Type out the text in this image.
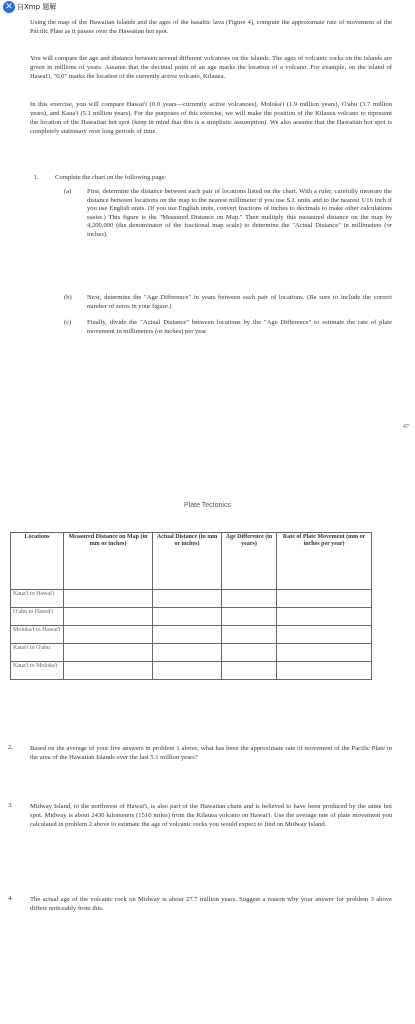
✕ 自Xmp 题解

Using the map of the Hawaiian Islands and the ages of the basaltic lava (Figure 4), compute the approximate rate of movement of the Pacific Plate as it passes over the Hawaiian hot spot.

You will compare the age and distance between several different volcanoes on the islands. The ages of volcanic rocks on the islands are given in millions of years. Assume that the decimal point of an age marks the location of a volcano. For example, on the island of Hawai'i, "0.0" marks the location of the currently active volcano, Kilauea.

In this exercise, you will compare Hawai'i (0.0 years—currently active volcanoes), Moloka'i (1.9 million years), O'ahu (3.7 million years), and Kaua'i (5.1 million years). For the purposes of this exercise, we will make the position of the Kilauea volcano to represent the location of the Hawaiian hot spot (keep in mind that this is a simplistic assumption). We also assume that the Hawaiian hot spot is completely stationary over long periods of time.

1. Complete the chart on the following page:
(a) First, determine the distance between each pair of locations listed on the chart. With a ruler, carefully measure the distance between locations on the map to the nearest millimeter if you use S.I. units and to the nearest 1/16 inch if you use English units. (If you use English units, convert fractions of inches to decimals to make other calculations easier.) This figure is the "Measured Distance on Map." Then multiply this measured distance on the map by 4,200,000 (the denominator of the fractional map scale) to determine the "Actual Distance" in millimeters (or inches).

(b) Next, determine the "Age Difference" in years between each pair of locations. (Be sure to include the correct number of zeros in your figure.)

(c) Finally, divide the "Actual Distance" between locations by the "Age Difference" to estimate the rate of plate movement in millimeters (or inches) per year.

47
Plate Tectonics
Locations	Measured Distance on Map (in mm or inches)	Actual Distance (in mm or inches)	Age Difference (in years)	Rate of Plate Movement (mm or inches per year)
Kaua'i to Hawai'i				
O'ahu to Hawai'i				
Moloka'i to Hawai'i				
Kaua'i to O'ahu				
Kaua'i to Moloka'i				
2.	Based on the average of your five answers in problem 1 above, what has been the approximate rate of movement of the Pacific Plate in the area of the Hawaiian Islands over the last 5.1 million years?

3.	Midway Island, to the northwest of Hawai'i, is also part of the Hawaiian chain and is believed to have been produced by the same hot spot. Midway is about 2430 kilometers (1510 miles) from the Kilauea volcano on Hawai'i. Use the average rate of plate movement you calculated in problem 2 above to estimate the age of volcanic rocks you would expect to find on Midway Island.

4.	The actual age of the volcanic rock on Midway is about 27.7 million years. Suggest a reason why your answer for problem 3 above differs noticeably from this.
